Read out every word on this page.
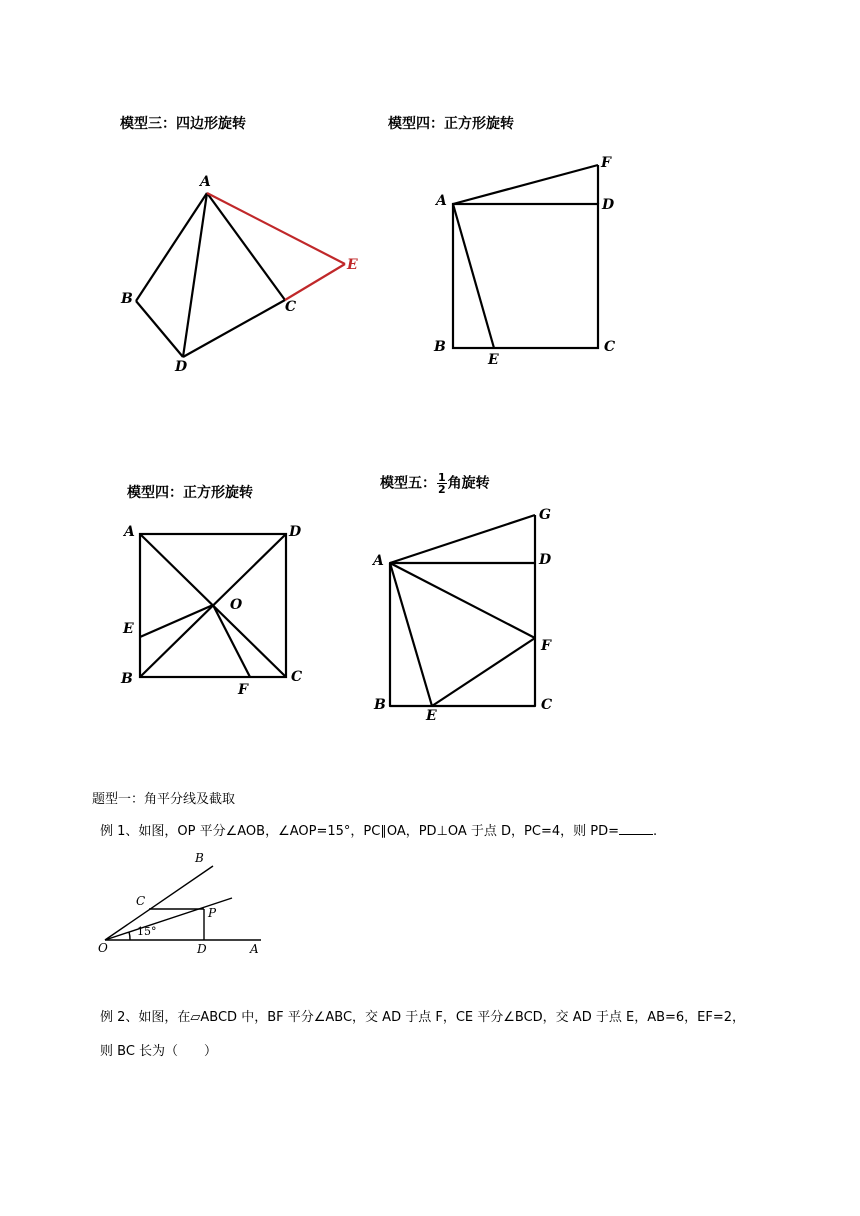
模型三：四边形旋转	模型四：正方形旋转
模型四：正方形旋转
模型五： $\frac{1}{2}$ 角旋转
A
B	C
D
E
A
B	C
D
E
F
A	D
O
E
B
F
C
A
G
D
F
B
E
C
题型一：角平分线及截取
例 1、如图，OP 平分∠AOB，∠AOP=15°，PC∥OA，PD⊥OA 于点 D，PC=4，则 PD=	.
O	D	A
C
P
B
15°
例 2、如图，在▱ABCD 中，BF 平分∠ABC，交 AD 于点 F，CE 平分∠BCD，交 AD 于点 E，AB=6，EF=2，
则 BC 长为（　　）
